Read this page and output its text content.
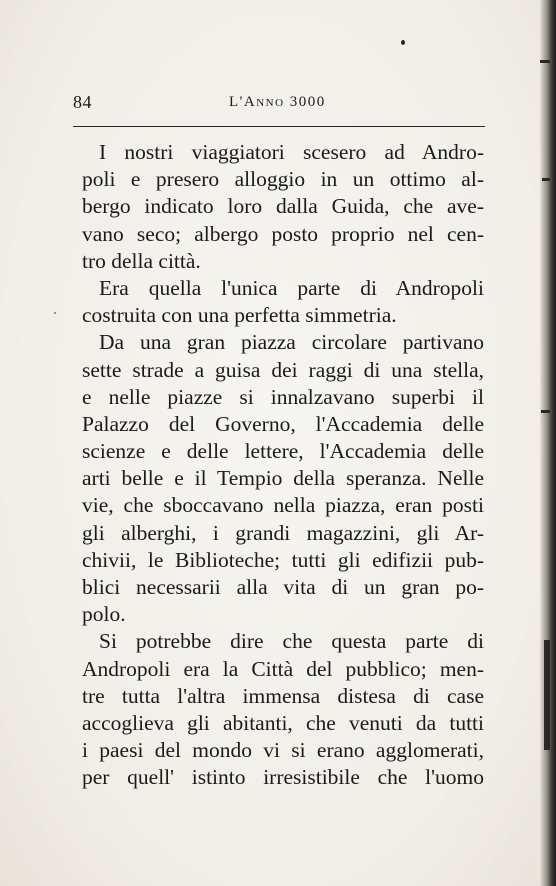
84	L'Anno 3000
I nostri viaggiatori scesero ad Andro-
poli e presero alloggio in un ottimo al-
bergo indicato loro dalla Guida, che ave-
vano seco; albergo posto proprio nel cen-
tro della città.
Era quella l'unica parte di Andropoli
costruita con una perfetta simmetria.
Da una gran piazza circolare partivano
sette strade a guisa dei raggi di una stella,
e nelle piazze si innalzavano superbi il
Palazzo del Governo, l'Accademia delle
scienze e delle lettere, l'Accademia delle
arti belle e il Tempio della speranza. Nelle
vie, che sboccavano nella piazza, eran posti
gli alberghi, i grandi magazzini, gli Ar-
chivii, le Biblioteche; tutti gli edifizii pub-
blici necessarii alla vita di un gran po-
polo.
Si potrebbe dire che questa parte di
Andropoli era la Città del pubblico; men-
tre tutta l'altra immensa distesa di case
accoglieva gli abitanti, che venuti da tutti
i paesi del mondo vi si erano agglomerati,
per quell' istinto irresistibile che l'uomo
